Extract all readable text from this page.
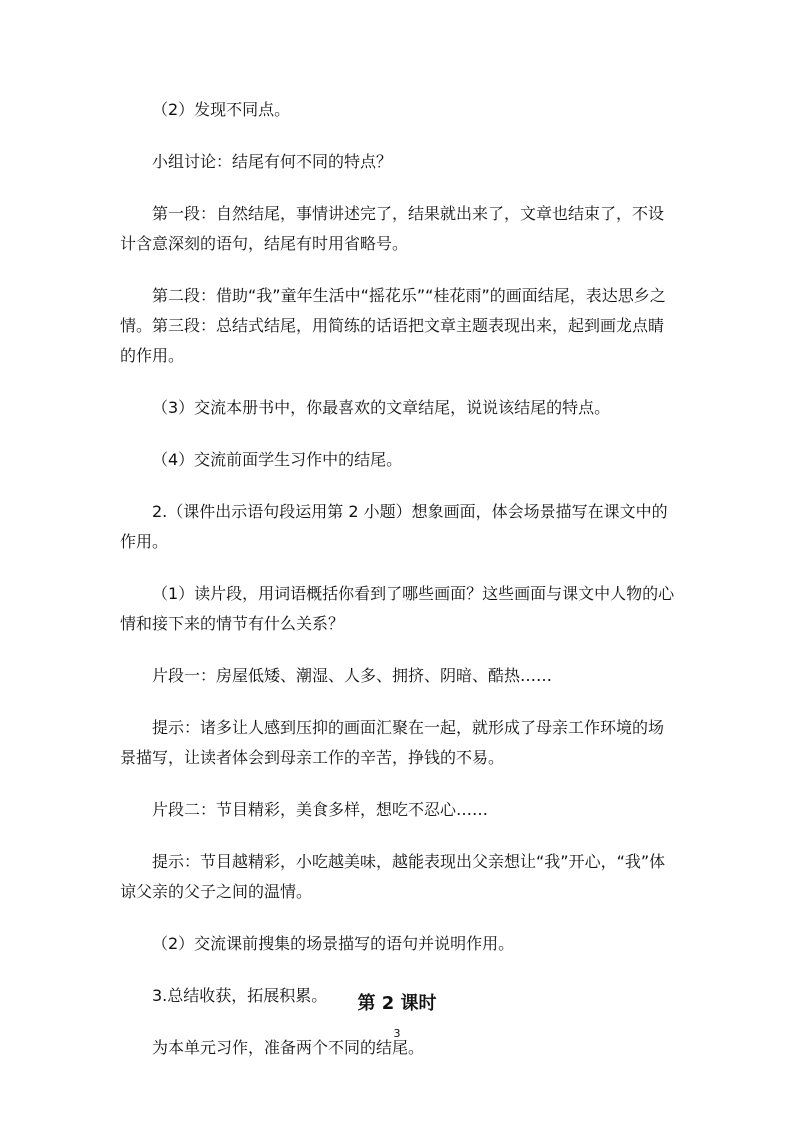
（2）发现不同点。

小组讨论：结尾有何不同的特点？

第一段：自然结尾，事情讲述完了，结果就出来了，文章也结束了，不设计含意深刻的语句，结尾有时用省略号。

第二段：借助“我”童年生活中“摇花乐”“桂花雨”的画面结尾，表达思乡之情。第三段：总结式结尾，用简练的话语把文章主题表现出来，起到画龙点睛的作用。

（3）交流本册书中，你最喜欢的文章结尾，说说该结尾的特点。

（4）交流前面学生习作中的结尾。

2.（课件出示语句段运用第 2 小题）想象画面，体会场景描写在课文中的作用。

（1）读片段，用词语概括你看到了哪些画面？这些画面与课文中人物的心情和接下来的情节有什么关系？

片段一：房屋低矮、潮湿、人多、拥挤、阴暗、酷热……

提示：诸多让人感到压抑的画面汇聚在一起，就形成了母亲工作环境的场景描写，让读者体会到母亲工作的辛苦，挣钱的不易。

片段二：节目精彩，美食多样，想吃不忍心……

提示：节目越精彩，小吃越美味，越能表现出父亲想让“我”开心，“我”体谅父亲的父子之间的温情。

（2）交流课前搜集的场景描写的语句并说明作用。

3.总结收获，拓展积累。

为本单元习作，准备两个不同的结尾。

第 2 课时
3
